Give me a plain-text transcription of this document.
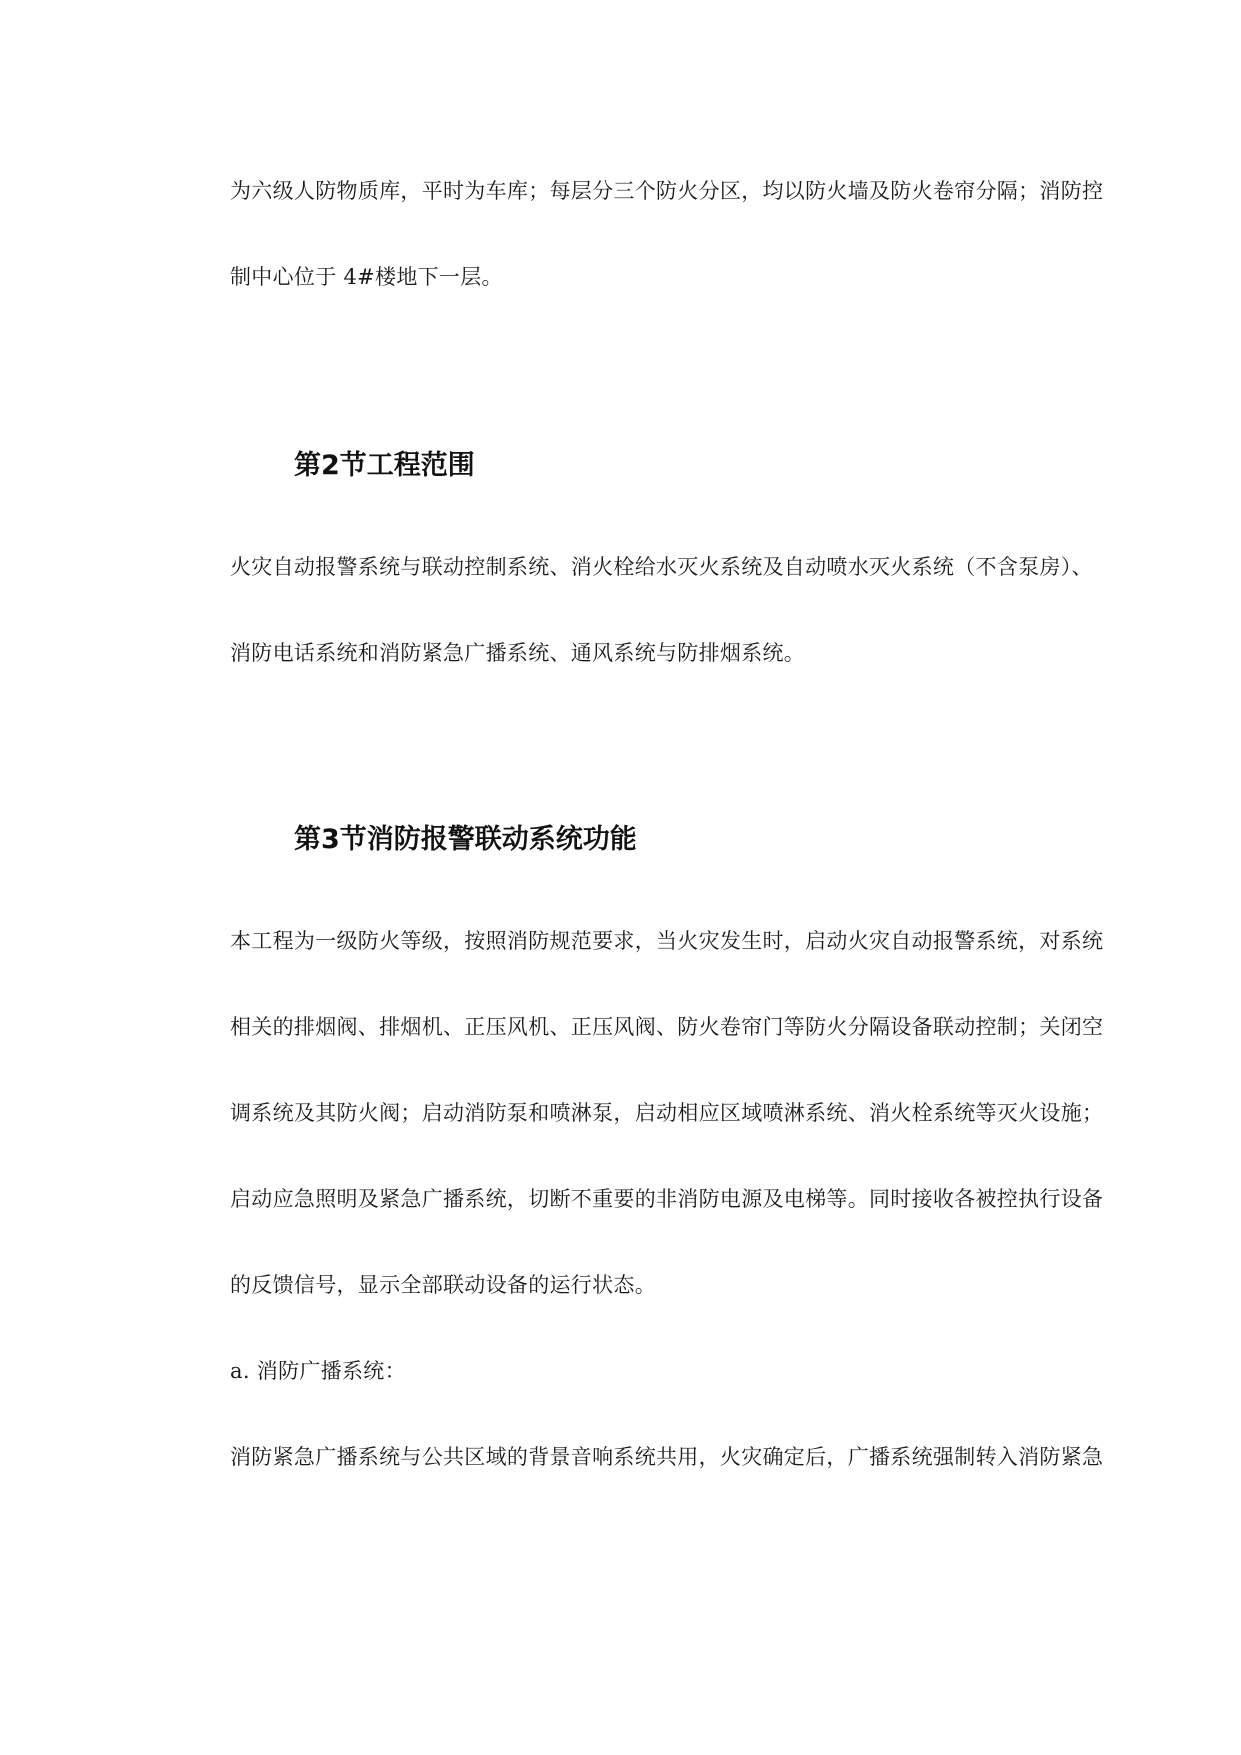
为六级人防物质库，平时为车库；每层分三个防火分区，均以防火墙及防火卷帘分隔；消防控
制中心位于 4#楼地下一层。
第2节工程范围
火灾自动报警系统与联动控制系统、消火栓给水灭火系统及自动喷水灭火系统（不含泵房）、
消防电话系统和消防紧急广播系统、通风系统与防排烟系统。
第3节消防报警联动系统功能
本工程为一级防火等级，按照消防规范要求，当火灾发生时，启动火灾自动报警系统，对系统
相关的排烟阀、排烟机、正压风机、正压风阀、防火卷帘门等防火分隔设备联动控制；关闭空
调系统及其防火阀；启动消防泵和喷淋泵，启动相应区域喷淋系统、消火栓系统等灭火设施；
启动应急照明及紧急广播系统，切断不重要的非消防电源及电梯等。同时接收各被控执行设备
的反馈信号，显示全部联动设备的运行状态。
a. 消防广播系统：
消防紧急广播系统与公共区域的背景音响系统共用，火灾确定后，广播系统强制转入消防紧急
